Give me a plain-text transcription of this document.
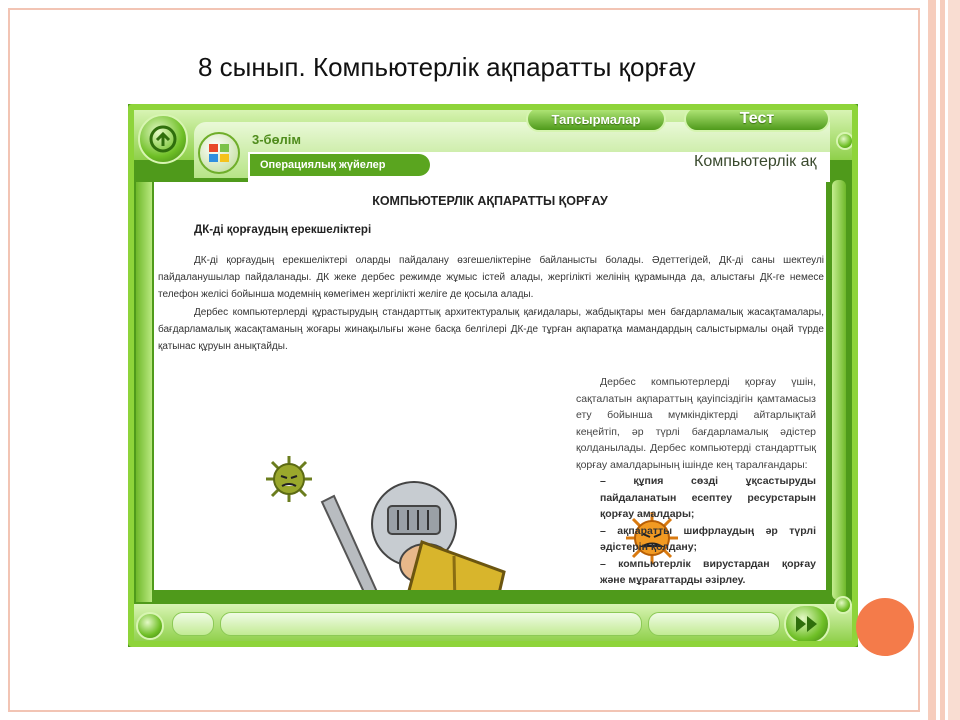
8 сынып. Компьютерлік ақпаратты қорғау
3-бөлім
Операциялық жүйелер	Компьютерлік ақ
Тапсырмалар	Тест
КОМПЬЮТЕРЛІК АҚПАРАТТЫ ҚОРҒАУ
ДК-ді қорғаудың ерекшеліктері

ДК-ді қорғаудың ерекшеліктері оларды пайдалану өзгешеліктеріне байланысты болады. Әдеттегідей, ДК-ді саны шектеулі пайдаланушылар пайдаланады. ДК жеке дербес режимде жұмыс істей алады, жергілікті желінің құрамында да, алыстағы ДК-ге немесе телефон желісі бойынша модемнің көмегімен жергілікті желіге де қосыла алады.

Дербес компьютерлерді құрастырудың стандарттық архитектуралық қағидалары, жабдықтары мен бағдарламалық жасақтамалары, бағдарламалық жасақтаманың жоғары жинақылығы және басқа белгілері ДК-де тұрған ақпаратқа мамандардың салыстырмалы оңай түрде қатынас құруын анықтайды.

Дербес компьютерлерді қорғау үшін, сақталатын ақпараттың қауіпсіздігін қамтамасыз ету бойынша мүмкіндіктерді айтарлықтай кеңейтіп, әр түрлі бағдарламалық әдістер қолданылады. Дербес компьютерді стандарттық қорғау амалдарының ішінде кең таралғандары:

– құпия сөзді ұқсастыруды пайдаланатын есептеу ресурстарын қорғау амалдары;
– ақпаратты шифрлаудың әр түрлі әдістерін қолдану;
– компьютерлік вирустардан қорғау және мұрағаттарды әзірлеу.
